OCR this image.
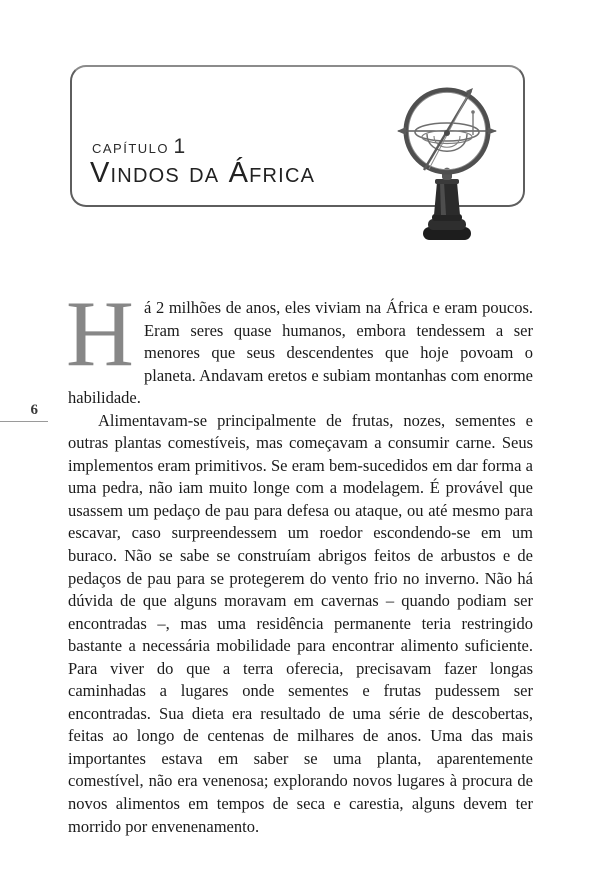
capítulo 1
Vindos da África
6

Há 2 milhões de anos, eles viviam na África e eram poucos. Eram seres quase humanos, embora tendessem a ser menores que seus descendentes que hoje povoam o planeta. Andavam eretos e subiam montanhas com enorme habilidade.

Alimentavam-se principalmente de frutas, nozes, sementes e outras plantas comestíveis, mas começavam a consumir carne. Seus implementos eram primitivos. Se eram bem-sucedidos em dar forma a uma pedra, não iam muito longe com a modelagem. É provável que usassem um pedaço de pau para defesa ou ataque, ou até mesmo para escavar, caso surpreendessem um roedor escondendo-se em um buraco. Não se sabe se construíam abrigos feitos de arbustos e de pedaços de pau para se protegerem do vento frio no inverno. Não há dúvida de que alguns moravam em cavernas – quando podiam ser encontradas –, mas uma residência permanente teria restringido bastante a necessária mobilidade para encontrar alimento suficiente. Para viver do que a terra oferecia, precisavam fazer longas caminhadas a lugares onde sementes e frutas pudessem ser encontradas. Sua dieta era resultado de uma série de descobertas, feitas ao longo de centenas de milhares de anos. Uma das mais importantes estava em saber se uma planta, aparentemente comestível, não era venenosa; explorando novos lugares à procura de novos alimentos em tempos de seca e carestia, alguns devem ter morrido por envenenamento.
